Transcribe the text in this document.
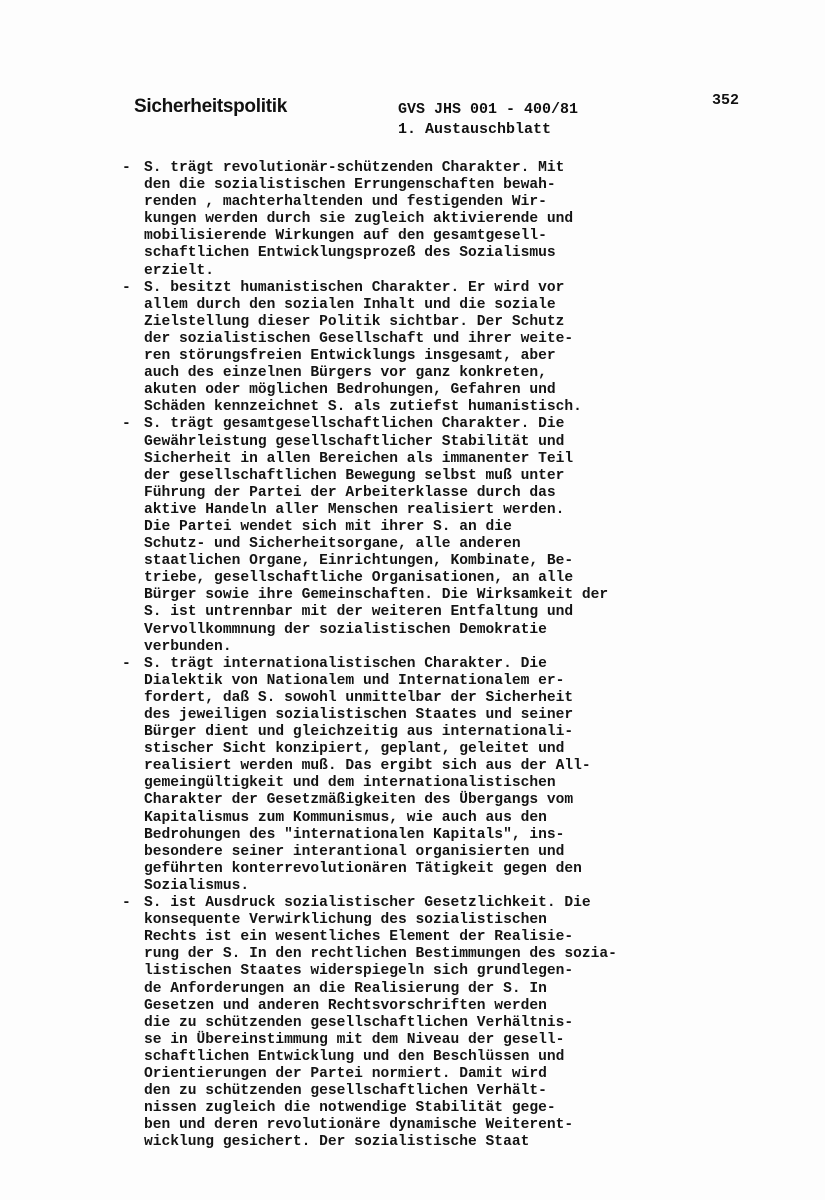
Sicherheitspolitik	GVS JHS 001 - 400/81
1. Austauschblatt
352
- S. trägt revolutionär-schützenden Charakter. Mit
den die sozialistischen Errungenschaften bewah-
renden , machterhaltenden und festigenden Wir-
kungen werden durch sie zugleich aktivierende und
mobilisierende Wirkungen auf den gesamtgesell-
schaftlichen Entwicklungsprozeß des Sozialismus
erzielt.
- S. besitzt humanistischen Charakter. Er wird vor
allem durch den sozialen Inhalt und die soziale
Zielstellung dieser Politik sichtbar. Der Schutz
der sozialistischen Gesellschaft und ihrer weite-
ren störungsfreien Entwicklungs insgesamt, aber
auch des einzelnen Bürgers vor ganz konkreten,
akuten oder möglichen Bedrohungen, Gefahren und
Schäden kennzeichnet S. als zutiefst humanistisch.
- S. trägt gesamtgesellschaftlichen Charakter. Die
Gewährleistung gesellschaftlicher Stabilität und
Sicherheit in allen Bereichen als immanenter Teil
der gesellschaftlichen Bewegung selbst muß unter
Führung der Partei der Arbeiterklasse durch das
aktive Handeln aller Menschen realisiert werden.
Die Partei wendet sich mit ihrer S. an die
Schutz- und Sicherheitsorgane, alle anderen
staatlichen Organe, Einrichtungen, Kombinate, Be-
triebe, gesellschaftliche Organisationen, an alle
Bürger sowie ihre Gemeinschaften. Die Wirksamkeit der
S. ist untrennbar mit der weiteren Entfaltung und
Vervollkommnung der sozialistischen Demokratie
verbunden.
- S. trägt internationalistischen Charakter. Die
Dialektik von Nationalem und Internationalem er-
fordert, daß S. sowohl unmittelbar der Sicherheit
des jeweiligen sozialistischen Staates und seiner
Bürger dient und gleichzeitig aus internationali-
stischer Sicht konzipiert, geplant, geleitet und
realisiert werden muß. Das ergibt sich aus der All-
gemeingültigkeit und dem internationalistischen
Charakter der Gesetzmäßigkeiten des Übergangs vom
Kapitalismus zum Kommunismus, wie auch aus den
Bedrohungen des "internationalen Kapitals", ins-
besondere seiner interantional organisierten und
geführten konterrevolutionären Tätigkeit gegen den
Sozialismus.
- S. ist Ausdruck sozialistischer Gesetzlichkeit. Die
konsequente Verwirklichung des sozialistischen
Rechts ist ein wesentliches Element der Realisie-
rung der S. In den rechtlichen Bestimmungen des sozia-
listischen Staates widerspiegeln sich grundlegen-
de Anforderungen an die Realisierung der S. In
Gesetzen und anderen Rechtsvorschriften werden
die zu schützenden gesellschaftlichen Verhältnis-
se in Übereinstimmung mit dem Niveau der gesell-
schaftlichen Entwicklung und den Beschlüssen und
Orientierungen der Partei normiert. Damit wird
den zu schützenden gesellschaftlichen Verhält-
nissen zugleich die notwendige Stabilität gege-
ben und deren revolutionäre dynamische Weiterent-
wicklung gesichert. Der sozialistische Staat
